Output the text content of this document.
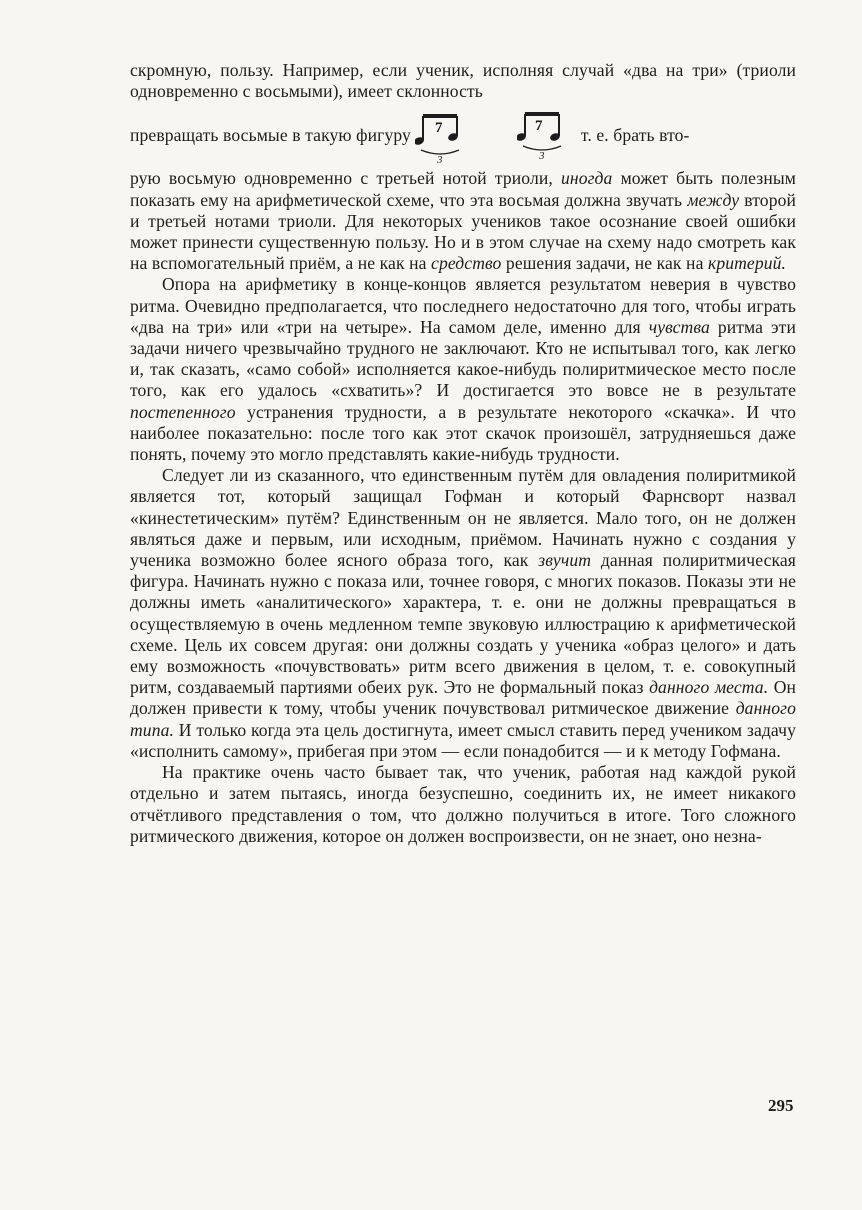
скромную, пользу. Например, если ученик, исполняя случай «два на три» (триоли одновременно с восьмыми), имеет склонность

превращать восьмые в такую фигуру 7
3
7
3
т. е. брать вто-

рую восьмую одновременно с третьей нотой триоли, иногда может быть полезным показать ему на арифметической схеме, что эта восьмая должна звучать между второй и третьей нотами триоли. Для некоторых учеников такое осознание своей ошибки может принести существенную пользу. Но и в этом случае на схему надо смотреть как на вспомогательный приём, а не как на средство решения задачи, не как на критерий.

Опора на арифметику в конце-концов является результатом неверия в чувство ритма. Очевидно предполагается, что последнего недостаточно для того, чтобы играть «два на три» или «три на четыре». На самом деле, именно для чувства ритма эти задачи ничего чрезвычайно трудного не заключают. Кто не испытывал того, как легко и, так сказать, «само собой» исполняется какое-нибудь полиритмическое место после того, как его удалось «схватить»? И достигается это вовсе не в результате постепенного устранения трудности, а в результате некоторого «скачка». И что наиболее показательно: после того как этот скачок произошёл, затрудняешься даже понять, почему это могло представлять какие-нибудь трудности.

Следует ли из сказанного, что единственным путём для овладения полиритмикой является тот, который защищал Гофман и который Фарнсворт назвал «кинестетическим» путём? Единственным он не является. Мало того, он не должен являться даже и первым, или исходным, приёмом. Начинать нужно с создания у ученика возможно более ясного образа того, как звучит данная полиритмическая фигура. Начинать нужно с показа или, точнее говоря, с многих показов. Показы эти не должны иметь «аналитического» характера, т. е. они не должны превращаться в осуществляемую в очень медленном темпе звуковую иллюстрацию к арифметической схеме. Цель их совсем другая: они должны создать у ученика «образ целого» и дать ему возможность «почувствовать» ритм всего движения в целом, т. е. совокупный ритм, создаваемый партиями обеих рук. Это не формальный показ данного места. Он должен привести к тому, чтобы ученик почувствовал ритмическое движение данного типа. И только когда эта цель достигнута, имеет смысл ставить перед учеником задачу «исполнить самому», прибегая при этом — если понадобится — и к методу Гофмана.

На практике очень часто бывает так, что ученик, работая над каждой рукой отдельно и затем пытаясь, иногда безуспешно, соединить их, не имеет никакого отчётливого представления о том, что должно получиться в итоге. Того сложного ритмического движения, которое он должен воспроизвести, он не знает, оно незна-

295
